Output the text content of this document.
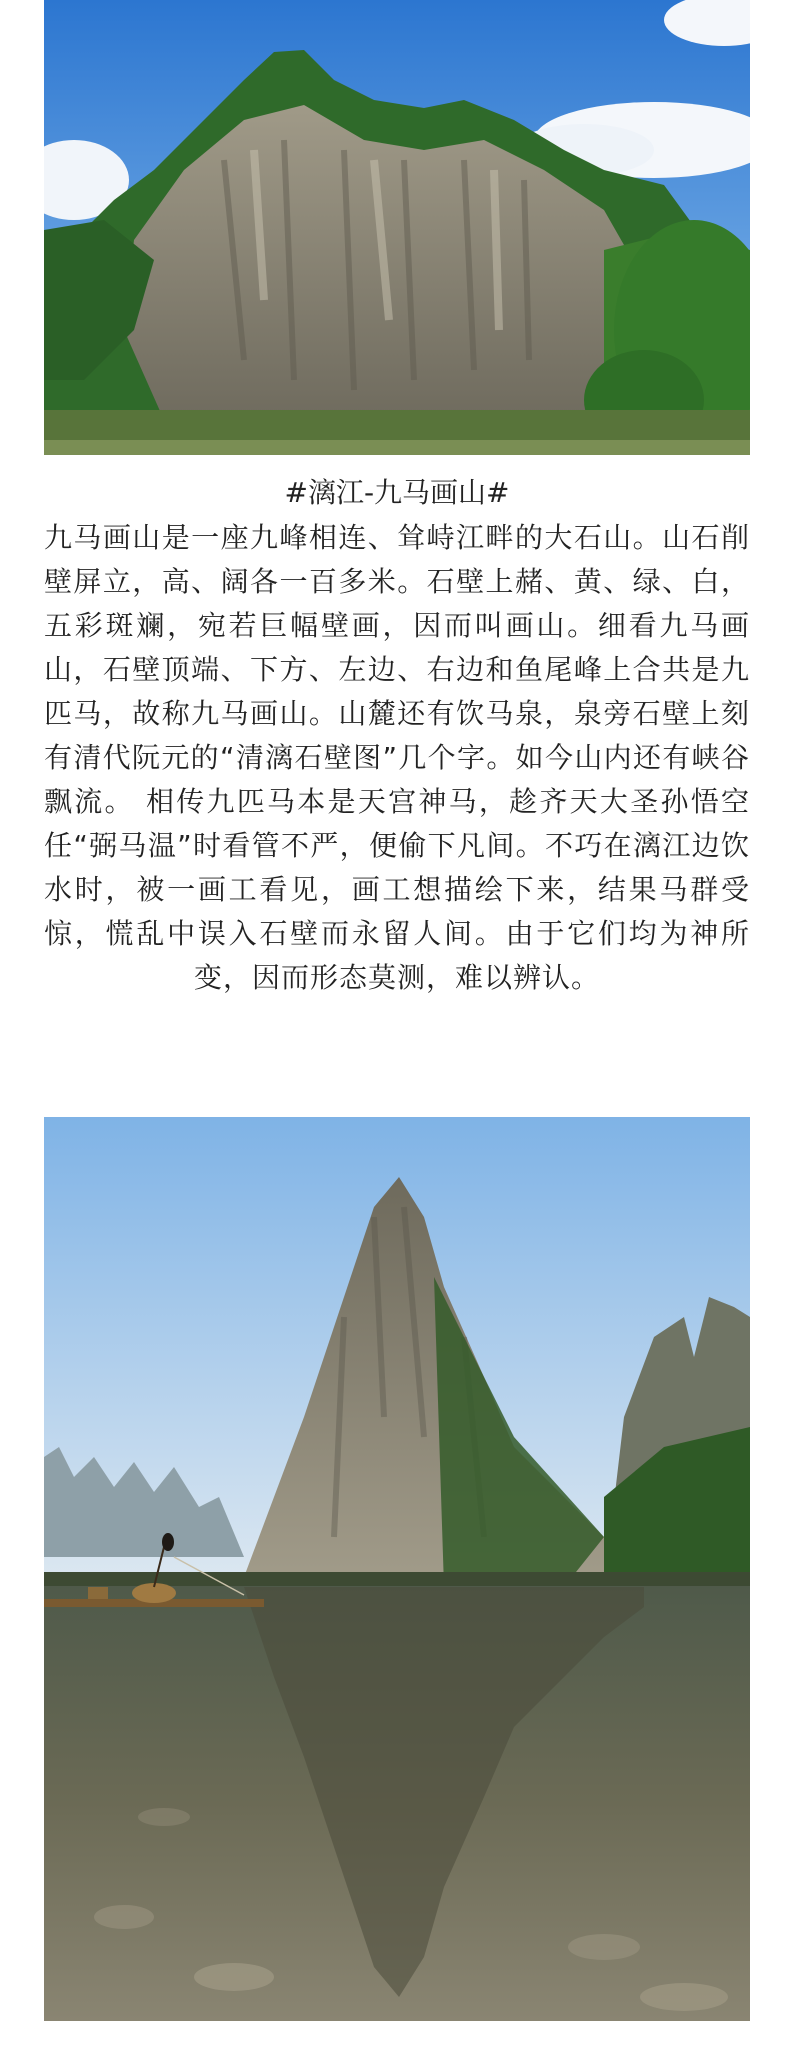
#漓江-九马画山#

九马画山是一座九峰相连、耸峙江畔的大石山。山石削壁屏立，高、阔各一百多米。石壁上赭、黄、绿、白，五彩斑斓，宛若巨幅壁画，因而叫画山。细看九马画山，石壁顶端、下方、左边、右边和鱼尾峰上合共是九匹马，故称九马画山。山麓还有饮马泉，泉旁石壁上刻有清代阮元的“清漓石壁图”几个字。如今山内还有峡谷飘流。 相传九匹马本是天宫神马，趁齐天大圣孙悟空任“弼马温”时看管不严，便偷下凡间。不巧在漓江边饮水时，被一画工看见，画工想描绘下来，结果马群受惊，慌乱中误入石壁而永留人间。由于它们均为神所变，因而形态莫测，难以辨认。
